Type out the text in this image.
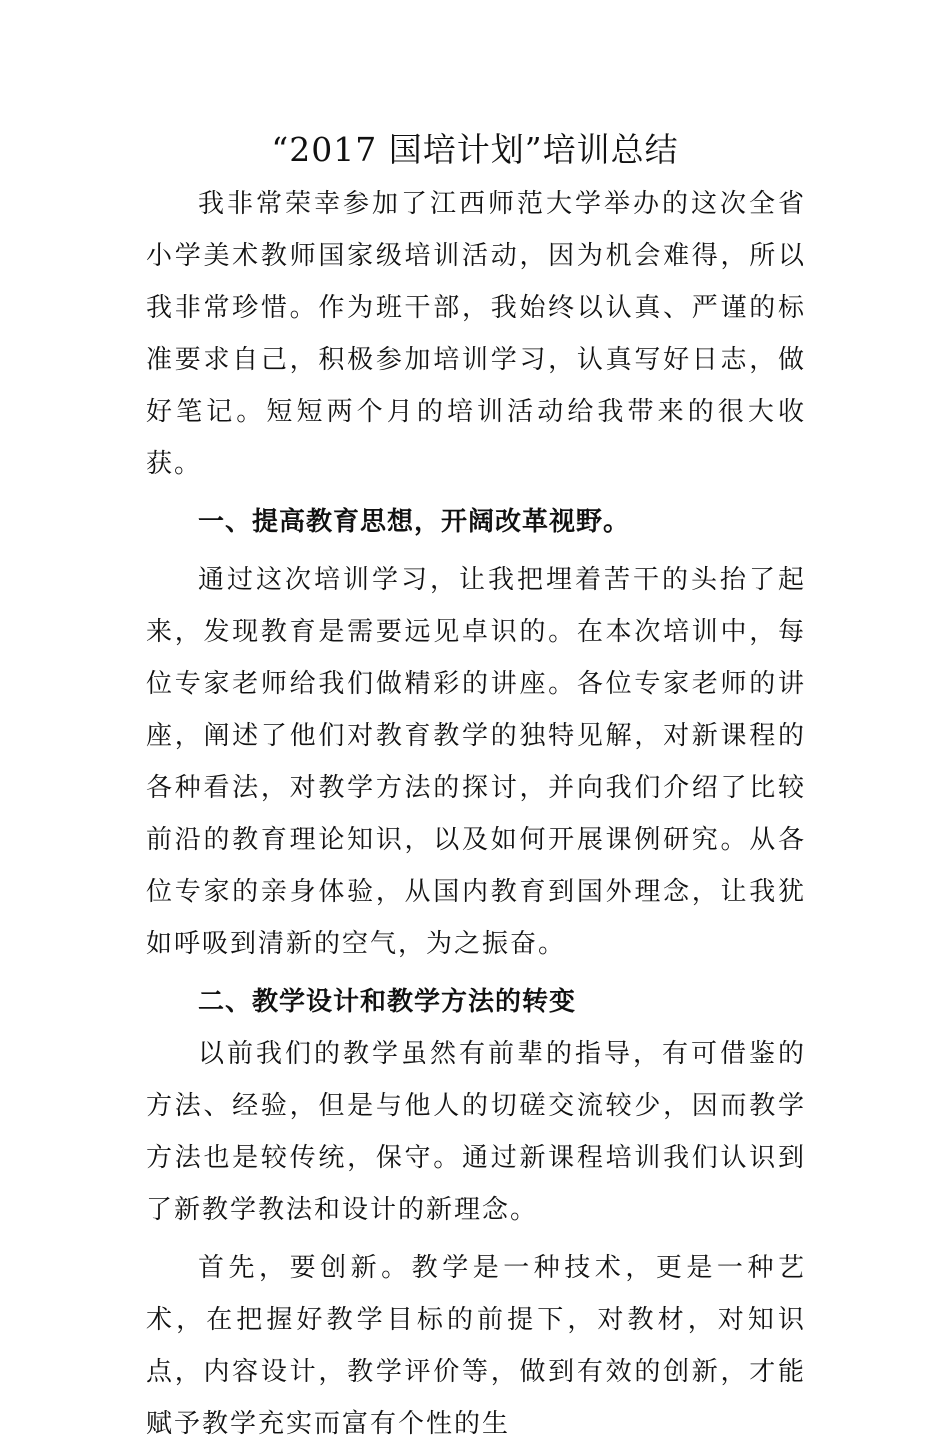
“2017 国培计划”培训总结

我非常荣幸参加了江西师范大学举办的这次全省小学美术教师国家级培训活动，因为机会难得，所以我非常珍惜。作为班干部，我始终以认真、严谨的标准要求自己，积极参加培训学习，认真写好日志，做好笔记。短短两个月的培训活动给我带来的很大收获。

一、提高教育思想，开阔改革视野。

通过这次培训学习，让我把埋着苦干的头抬了起来，发现教育是需要远见卓识的。在本次培训中，每位专家老师给我们做精彩的讲座。各位专家老师的讲座，阐述了他们对教育教学的独特见解，对新课程的各种看法，对教学方法的探讨，并向我们介绍了比较前沿的教育理论知识，以及如何开展课例研究。从各位专家的亲身体验，从国内教育到国外理念，让我犹如呼吸到清新的空气，为之振奋。

二、教学设计和教学方法的转变

以前我们的教学虽然有前辈的指导，有可借鉴的方法、经验，但是与他人的切磋交流较少，因而教学方法也是较传统，保守。通过新课程培训我们认识到了新教学教法和设计的新理念。

首先，要创新。教学是一种技术，更是一种艺术，在把握好教学目标的前提下，对教材，对知识点，内容设计，教学评价等，做到有效的创新，才能赋予教学充实而富有个性的生
